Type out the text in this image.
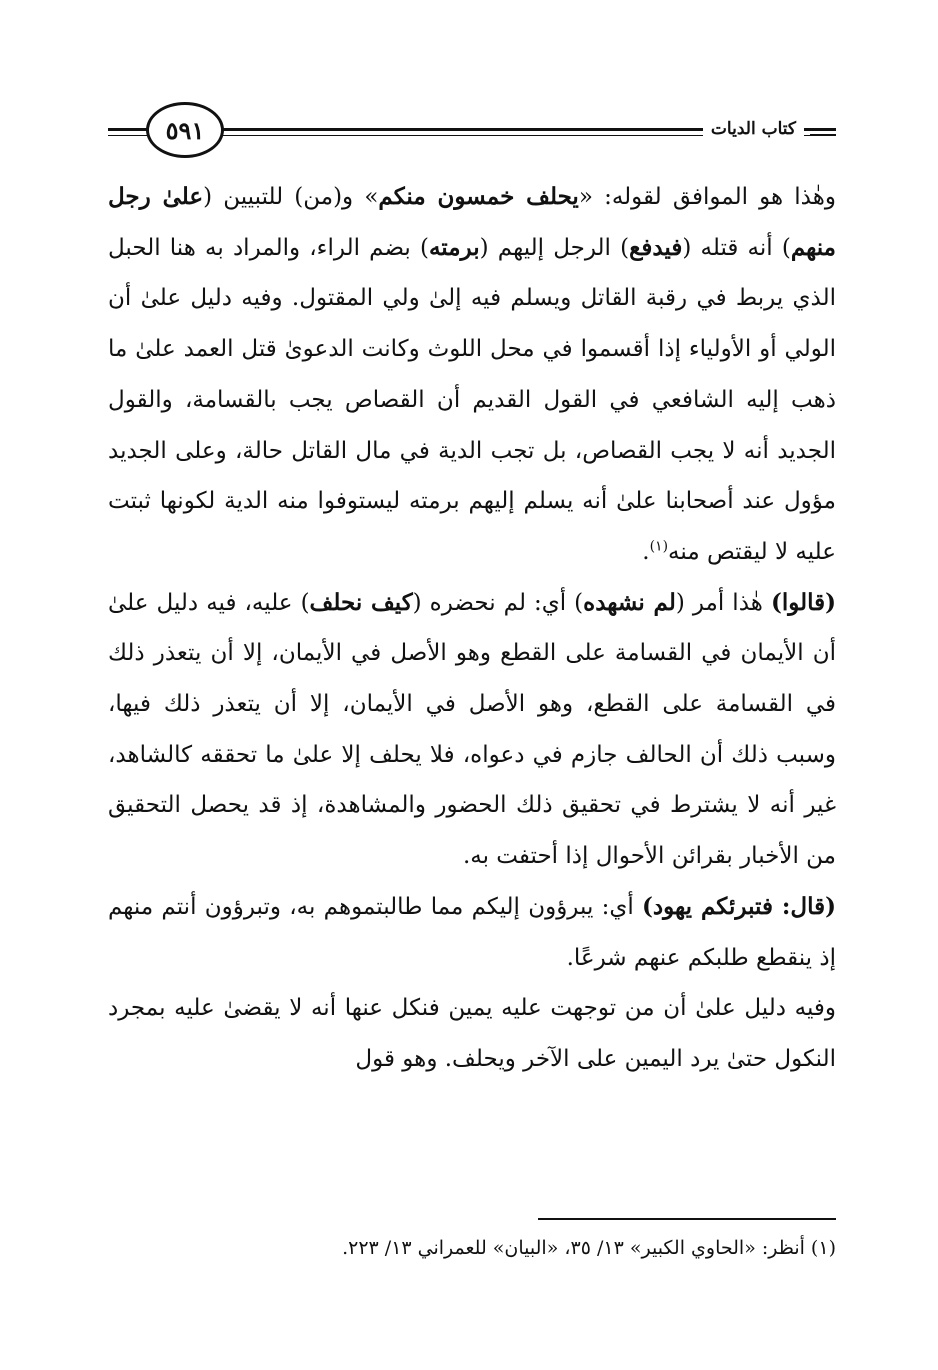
٥٩١	كتاب الديات

وهٰذا هو الموافق لقوله: «يحلف خمسون منكم» و(من) للتبيين (علىٰ رجل منهم) أنه قتله (فيدفع) الرجل إليهم (برمته) بضم الراء، والمراد به هنا الحبل الذي يربط في رقبة القاتل ويسلم فيه إلىٰ ولي المقتول. وفيه دليل علىٰ أن الولي أو الأولياء إذا أقسموا في محل اللوث وكانت الدعوىٰ قتل العمد علىٰ ما ذهب إليه الشافعي في القول القديم أن القصاص يجب بالقسامة، والقول الجديد أنه لا يجب القصاص، بل تجب الدية في مال القاتل حالة، وعلى الجديد مؤول عند أصحابنا علىٰ أنه يسلم إليهم برمته ليستوفوا منه الدية لكونها ثبتت عليه لا ليقتص منه$^{(١)}$.

(قالوا) هٰذا أمر (لم نشهده) أي: لم نحضره (كيف نحلف) عليه، فيه دليل علىٰ أن الأيمان في القسامة على القطع وهو الأصل في الأيمان، إلا أن يتعذر ذلك في القسامة على القطع، وهو الأصل في الأيمان، إلا أن يتعذر ذلك فيها، وسبب ذلك أن الحالف جازم في دعواه، فلا يحلف إلا علىٰ ما تحققه كالشاهد، غير أنه لا يشترط في تحقيق ذلك الحضور والمشاهدة، إذ قد يحصل التحقيق من الأخبار بقرائن الأحوال إذا أحتفت به.

(قال: فتبرئكم يهود) أي: يبرؤون إليكم مما طالبتموهم به، وتبرؤون أنتم منهم إذ ينقطع طلبكم عنهم شرعًا.

وفيه دليل علىٰ أن من توجهت عليه يمين فنكل عنها أنه لا يقضىٰ عليه بمجرد النكول حتىٰ يرد اليمين على الآخر ويحلف. وهو قول

(١) أنظر: «الحاوي الكبير» ١٣/ ٣٥، «البيان» للعمراني ١٣/ ٢٢٣.
